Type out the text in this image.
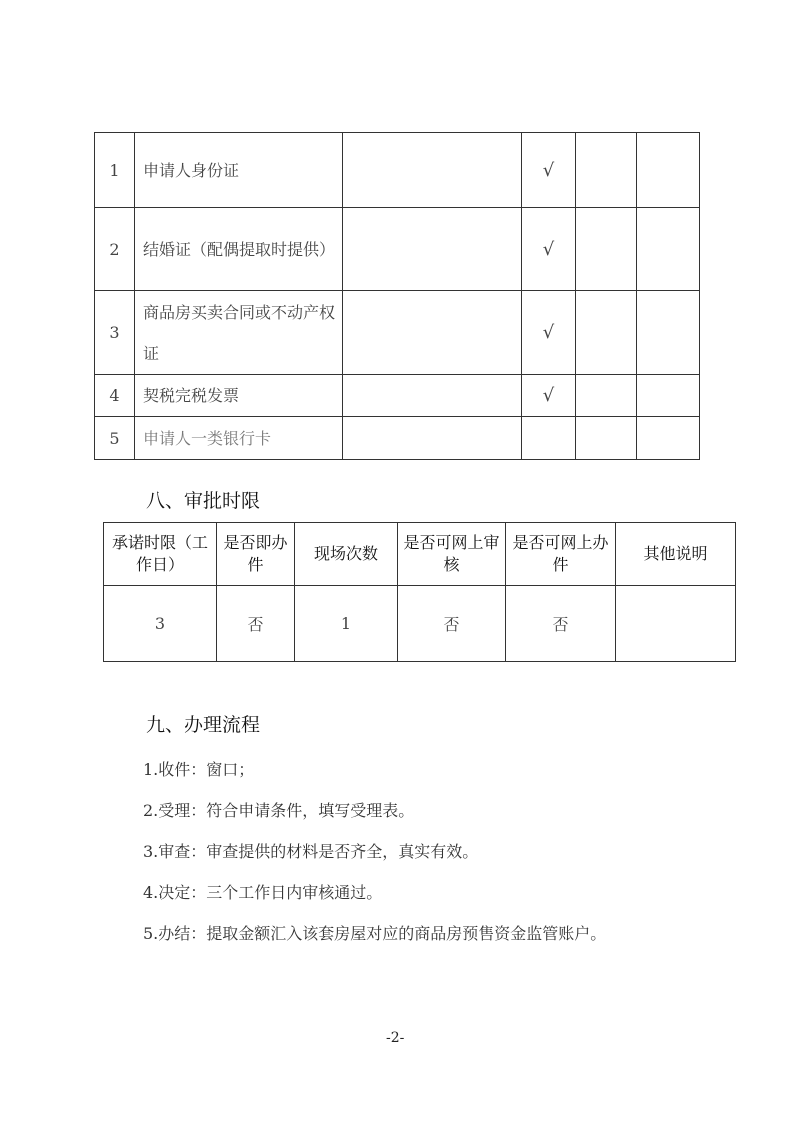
1	申请人身份证		√		
2	结婚证（配偶提取时提供）		√		
3	商品房买卖合同或不动产权证		√		
4	契税完税发票		√		
5	申请人一类银行卡				
八、审批时限
承诺时限（工作日）	是否即办件	现场次数	是否可网上审核	是否可网上办件	其他说明
3	否	1	否	否	
九、办理流程
1.收件：窗口；
2.受理：符合申请条件，填写受理表。
3.审查：审查提供的材料是否齐全，真实有效。
4.决定：三个工作日内审核通过。
5.办结：提取金额汇入该套房屋对应的商品房预售资金监管账户。
-2-
